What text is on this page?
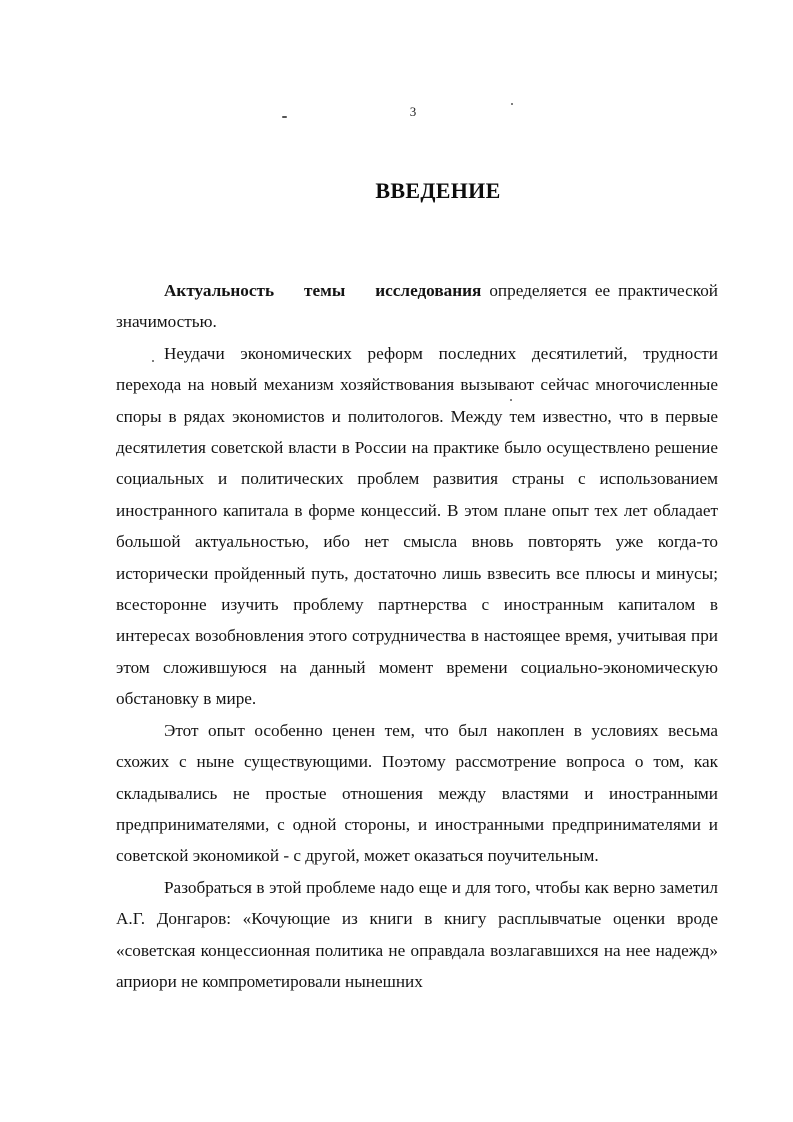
3
ВВЕДЕНИЕ

Актуальность темы исследования определяется ее практической значимостью.

Неудачи экономических реформ последних десятилетий, трудности перехода на новый механизм хозяйствования вызывают сейчас многочисленные споры в рядах экономистов и политологов. Между тем известно, что в первые десятилетия советской власти в России на практике было осуществлено решение социальных и политических проблем развития страны с использованием иностранного капитала в форме концессий. В этом плане опыт тех лет обладает большой актуальностью, ибо нет смысла вновь повторять уже когда-то исторически пройденный путь, достаточно лишь взвесить все плюсы и минусы; всесторонне изучить проблему партнерства с иностранным капиталом в интересах возобновления этого сотрудничества в настоящее время, учитывая при этом сложившуюся на данный момент времени социально-экономическую обстановку в мире.

Этот опыт особенно ценен тем, что был накоплен в условиях весьма схожих с ныне существующими. Поэтому рассмотрение вопроса о том, как складывались не простые отношения между властями и иностранными предпринимателями, с одной стороны, и иностранными предпринимателями и советской экономикой - с другой, может оказаться поучительным.

Разобраться в этой проблеме надо еще и для того, чтобы как верно заметил А.Г. Донгаров: «Кочующие из книги в книгу расплывчатые оценки вроде «советская концессионная политика не оправдала возлагавшихся на нее надежд» априори не компрометировали нынешних
